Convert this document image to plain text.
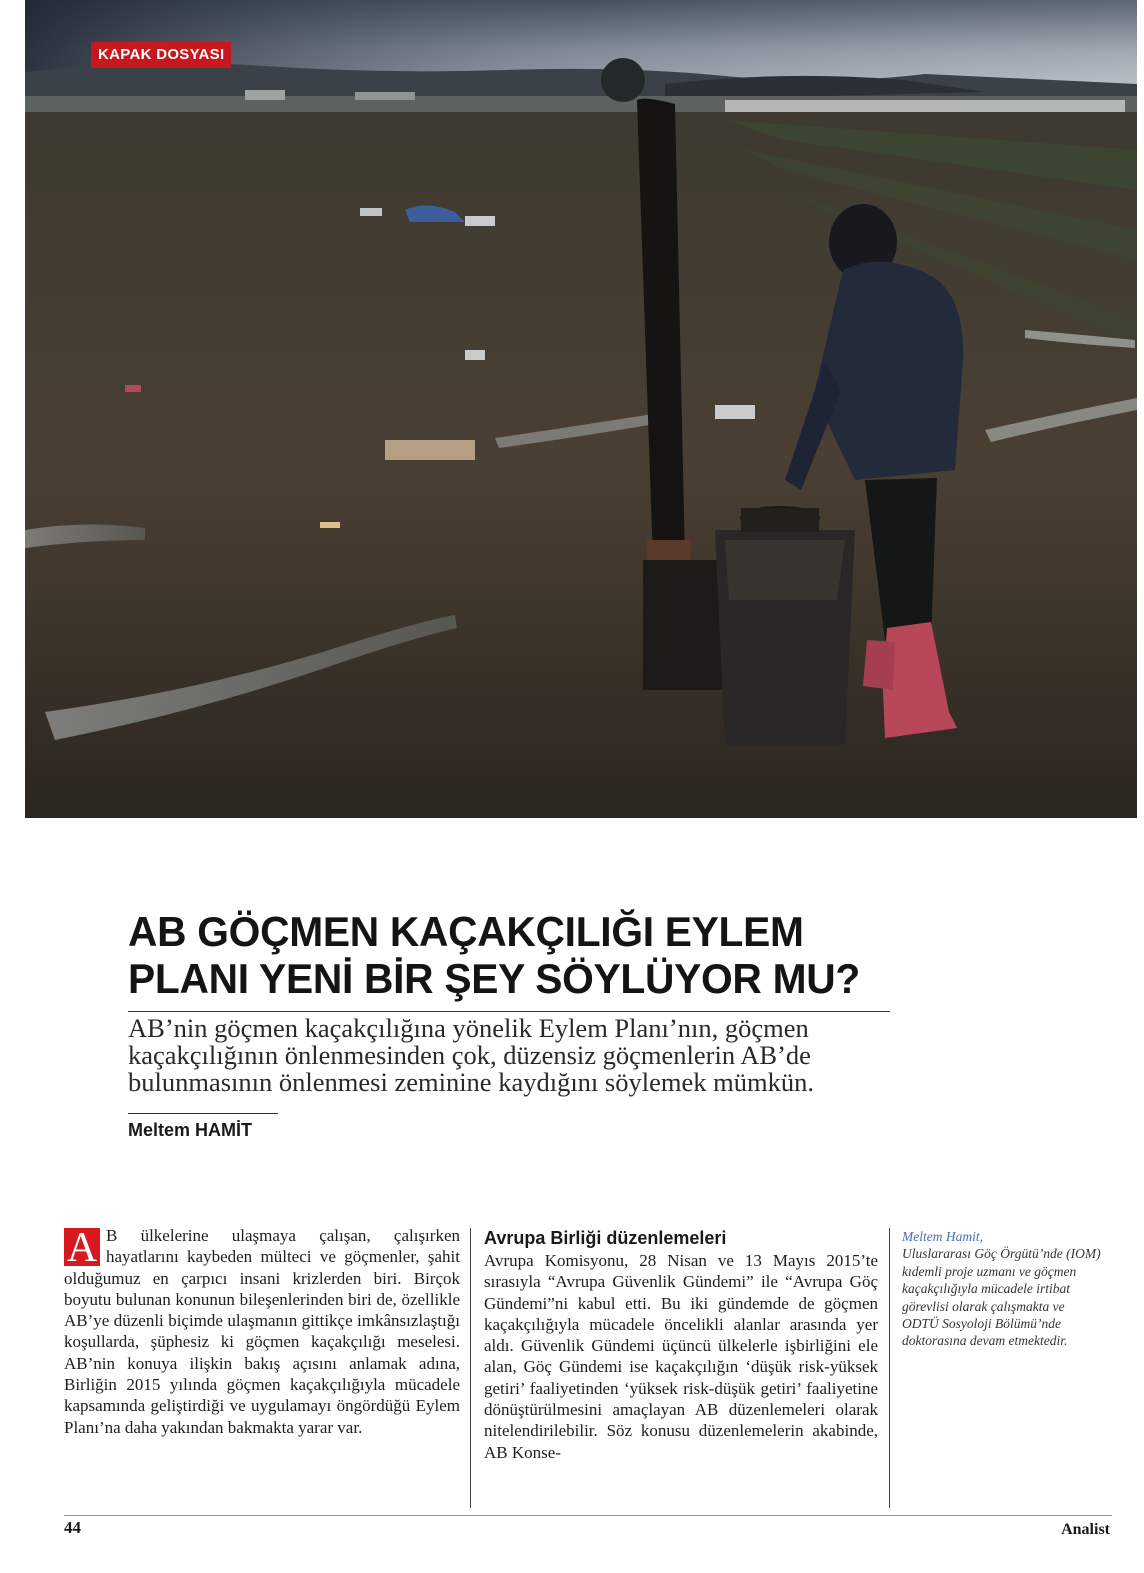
KAPAK DOSYASI
AB GÖÇMEN KAÇAKÇILIĞI EYLEM
PLANI YENİ BİR ŞEY SÖYLÜYOR MU?

AB’nin göçmen kaçakçılığına yönelik Eylem Planı’nın, göçmen kaçakçılığının önlenmesinden çok, düzensiz göçmenlerin AB’de bulunmasının önlenmesi zeminine kaydığını söylemek mümkün.

Meltem HAMİT
A B ülkelerine ulaşmaya çalışan, çalışırken hayatlarını kaybeden mülteci ve göçmenler, şahit olduğumuz en çarpıcı insani krizlerden biri. Birçok boyutu bulunan konunun bileşenlerinden biri de, özellikle AB’ye düzenli biçimde ulaşmanın gittikçe imkânsızlaştığı koşullarda, şüphesiz ki göçmen kaçakçılığı meselesi. AB’nin konuya ilişkin bakış açısını anlamak adına, Birliğin 2015 yılında göçmen kaçakçılığıyla mücadele kapsamında geliştirdiği ve uygulamayı öngördüğü Eylem Planı’na daha yakından bakmakta yarar var.

Avrupa Birliği düzenlemeleri

Avrupa Komisyonu, 28 Nisan ve 13 Mayıs 2015’te sırasıyla “Avrupa Güvenlik Gündemi” ile “Avrupa Göç Gündemi”ni kabul etti. Bu iki gündemde de göçmen kaçakçılığıyla mücadele öncelikli alanlar arasında yer aldı. Güvenlik Gündemi üçüncü ülkelerle işbirliğini ele alan, Göç Gündemi ise kaçakçılığın ‘düşük risk-yüksek getiri’ faaliyetinden ‘yüksek risk-düşük getiri’ faaliyetine dönüştürülmesini amaçlayan AB düzenlemeleri olarak nitelendirilebilir. Söz konusu düzenlemelerin akabinde, AB Konse-

Meltem Hamit,
Uluslararası Göç Örgütü’nde (IOM) kıdemli proje uzmanı ve göçmen kaçakçılığıyla mücadele irtibat görevlisi olarak çalışmakta ve ODTÜ Sosyoloji Bölümü’nde doktorasına devam etmektedir.
44	Analist
